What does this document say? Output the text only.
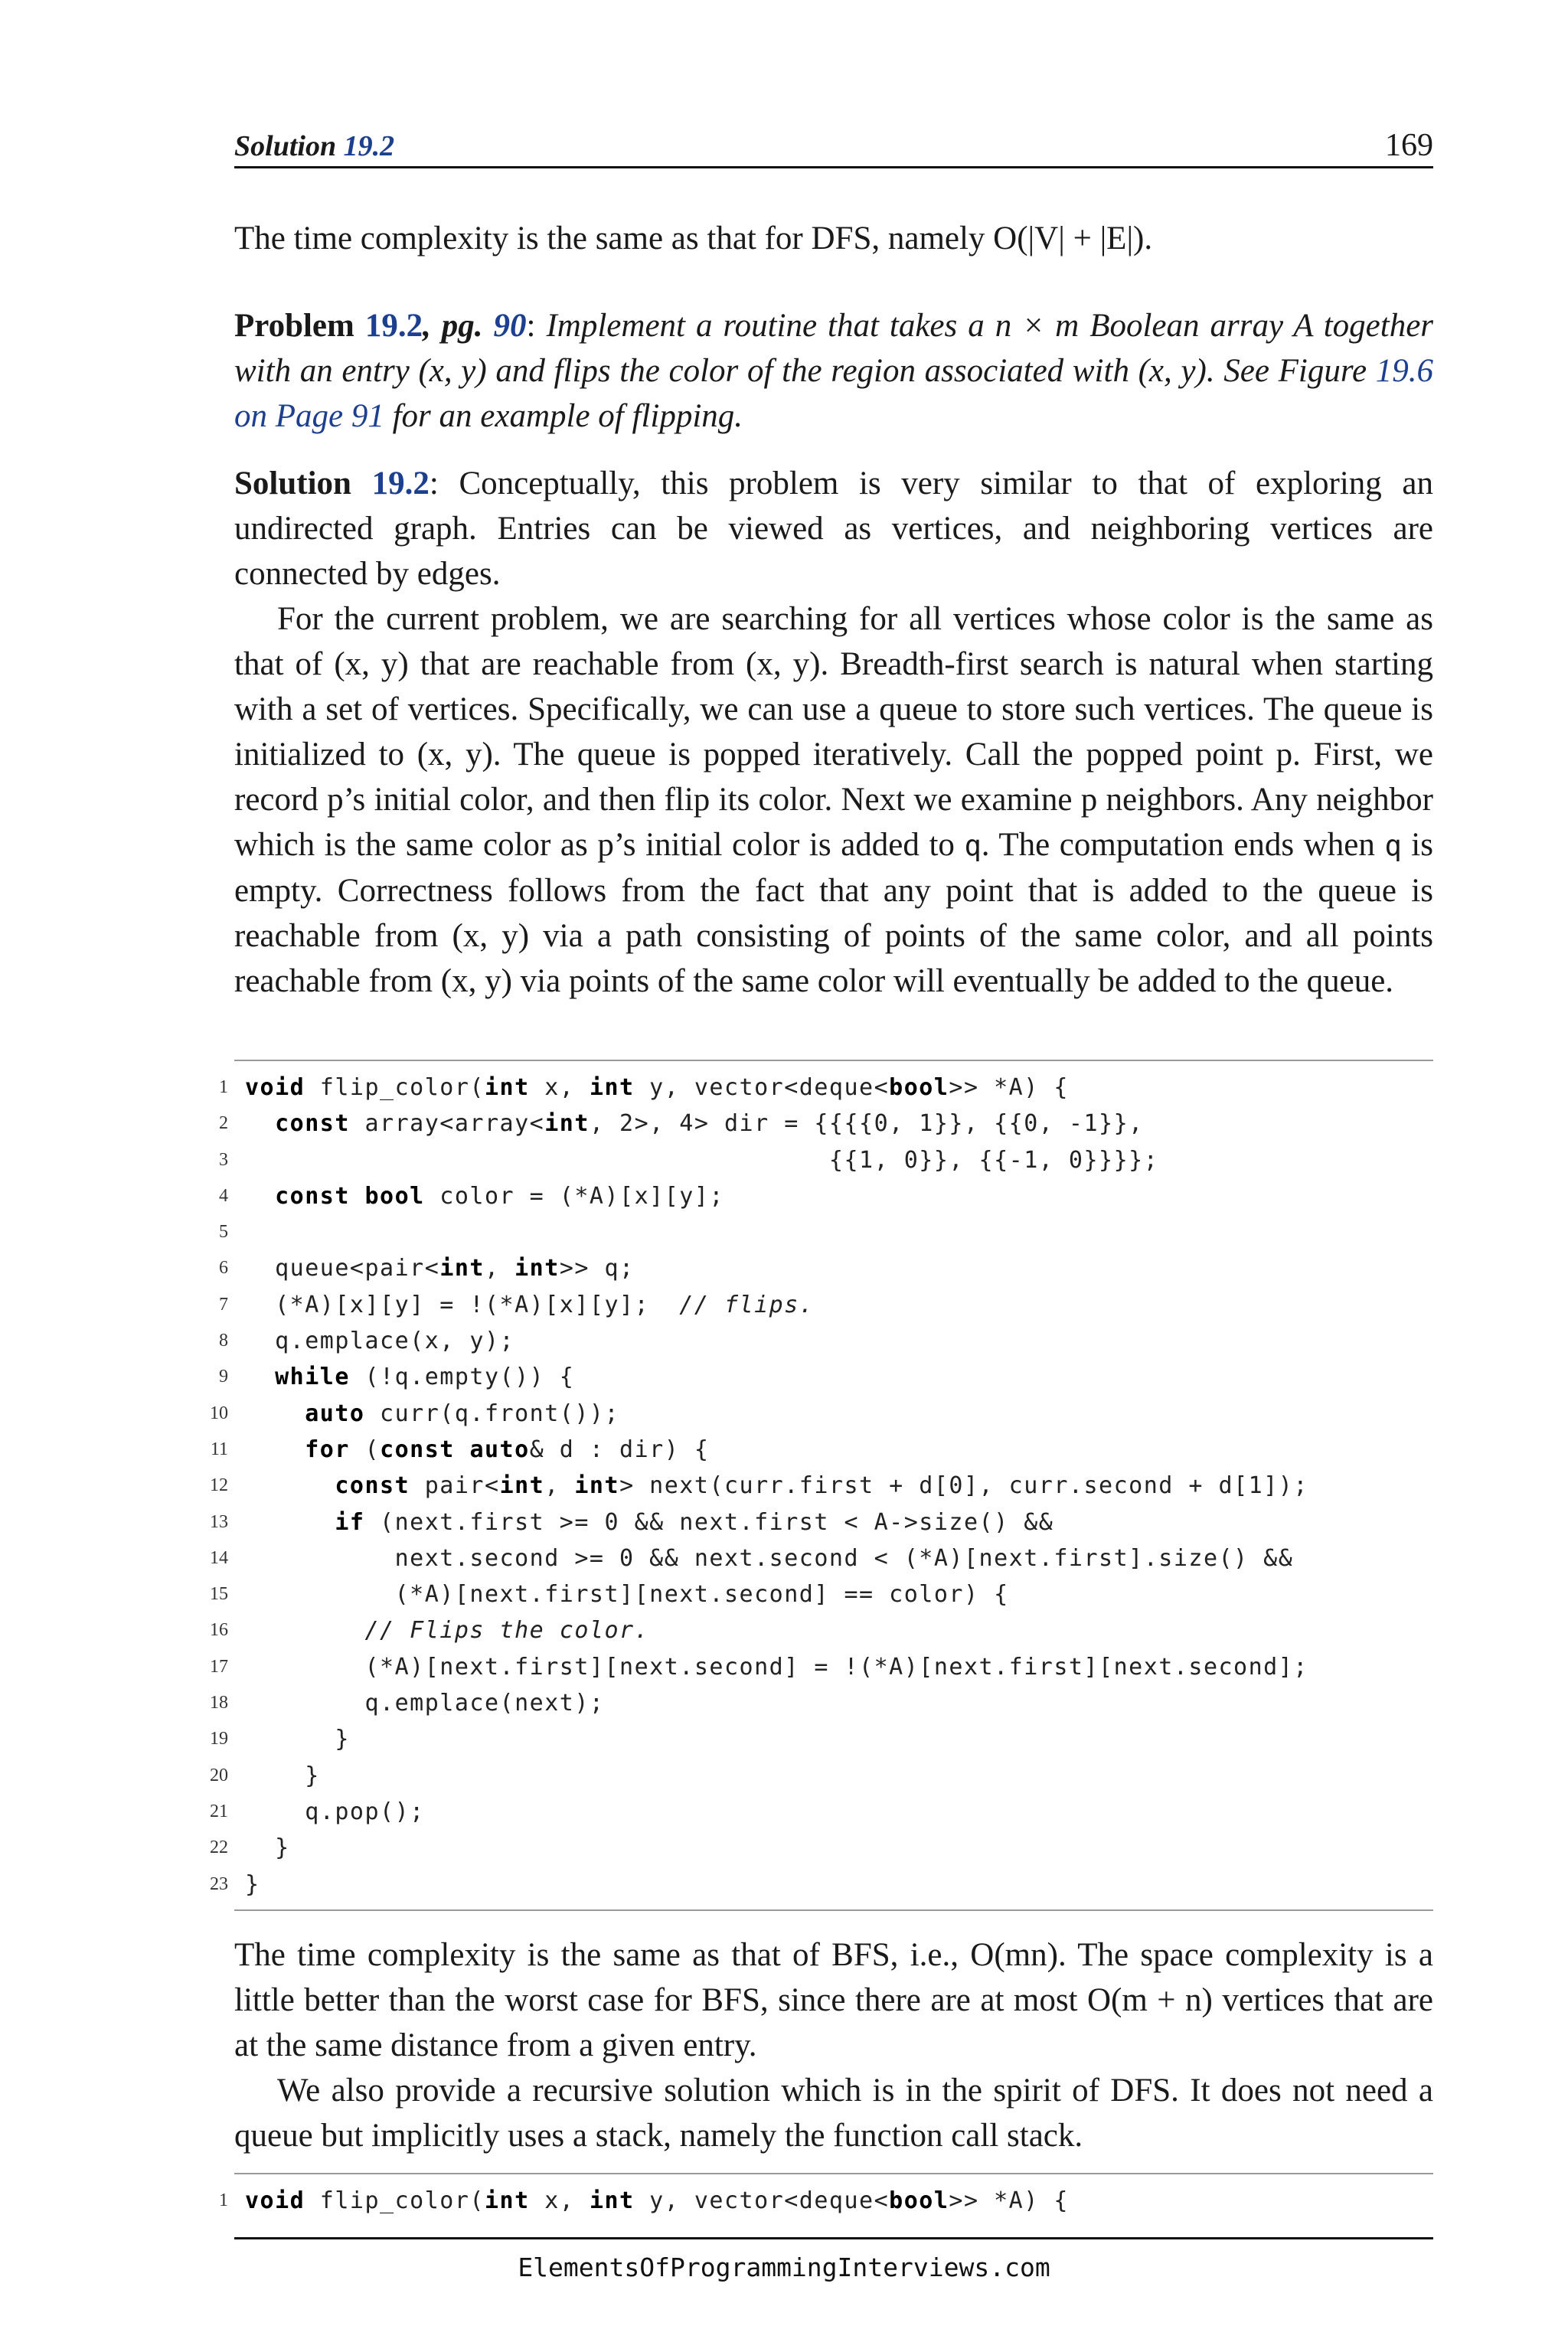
Solution 19.2	169

The time complexity is the same as that for DFS, namely O(|V| + |E|).

Problem 19.2, pg. 90: Implement a routine that takes a n × m Boolean array A together with an entry (x, y) and flips the color of the region associated with (x, y). See Figure 19.6 on Page 91 for an example of flipping.

Solution 19.2: Conceptually, this problem is very similar to that of exploring an undirected graph. Entries can be viewed as vertices, and neighboring vertices are connected by edges.

For the current problem, we are searching for all vertices whose color is the same as that of (x, y) that are reachable from (x, y). Breadth-first search is natural when starting with a set of vertices. Specifically, we can use a queue to store such vertices. The queue is initialized to (x, y). The queue is popped iteratively. Call the popped point p. First, we record p’s initial color, and then flip its color. Next we examine p neighbors. Any neighbor which is the same color as p’s initial color is added to q. The computation ends when q is empty. Correctness follows from the fact that any point that is added to the queue is reachable from (x, y) via a path consisting of points of the same color, and all points reachable from (x, y) via points of the same color will eventually be added to the queue.

1 void flip_color(int x, int y, vector<deque<bool>> *A) {
2	const array<array<int, 2>, 4> dir = {{{{0, 1}}, {{0, -1}},
3 {{1, 0}}, {{-1, 0}}}};
4	const bool color = (*A)[x][y];
5
6 queue<pair<int, int>> q;
7 (*A)[x][y] = !(*A)[x][y];  // flips.
8 q.emplace(x, y);
9	while (!q.empty()) {
10	auto curr(q.front());
11	for (const auto& d : dir) {
12	const pair<int, int> next(curr.first + d[0], curr.second + d[1]);
13	if (next.first >= 0 && next.first < A->size() &&
14 next.second >= 0 && next.second < (*A)[next.first].size() &&
15 (*A)[next.first][next.second] == color) {
16	// Flips the color.
17 (*A)[next.first][next.second] = !(*A)[next.first][next.second];
18 q.emplace(next);
19 }
20 }
21 q.pop();
22 }
23 }

The time complexity is the same as that of BFS, i.e., O(mn). The space complexity is a little better than the worst case for BFS, since there are at most O(m + n) vertices that are at the same distance from a given entry.

We also provide a recursive solution which is in the spirit of DFS. It does not need a queue but implicitly uses a stack, namely the function call stack.

1 void flip_color(int x, int y, vector<deque<bool>> *A) {
ElementsOfProgrammingInterviews.com
